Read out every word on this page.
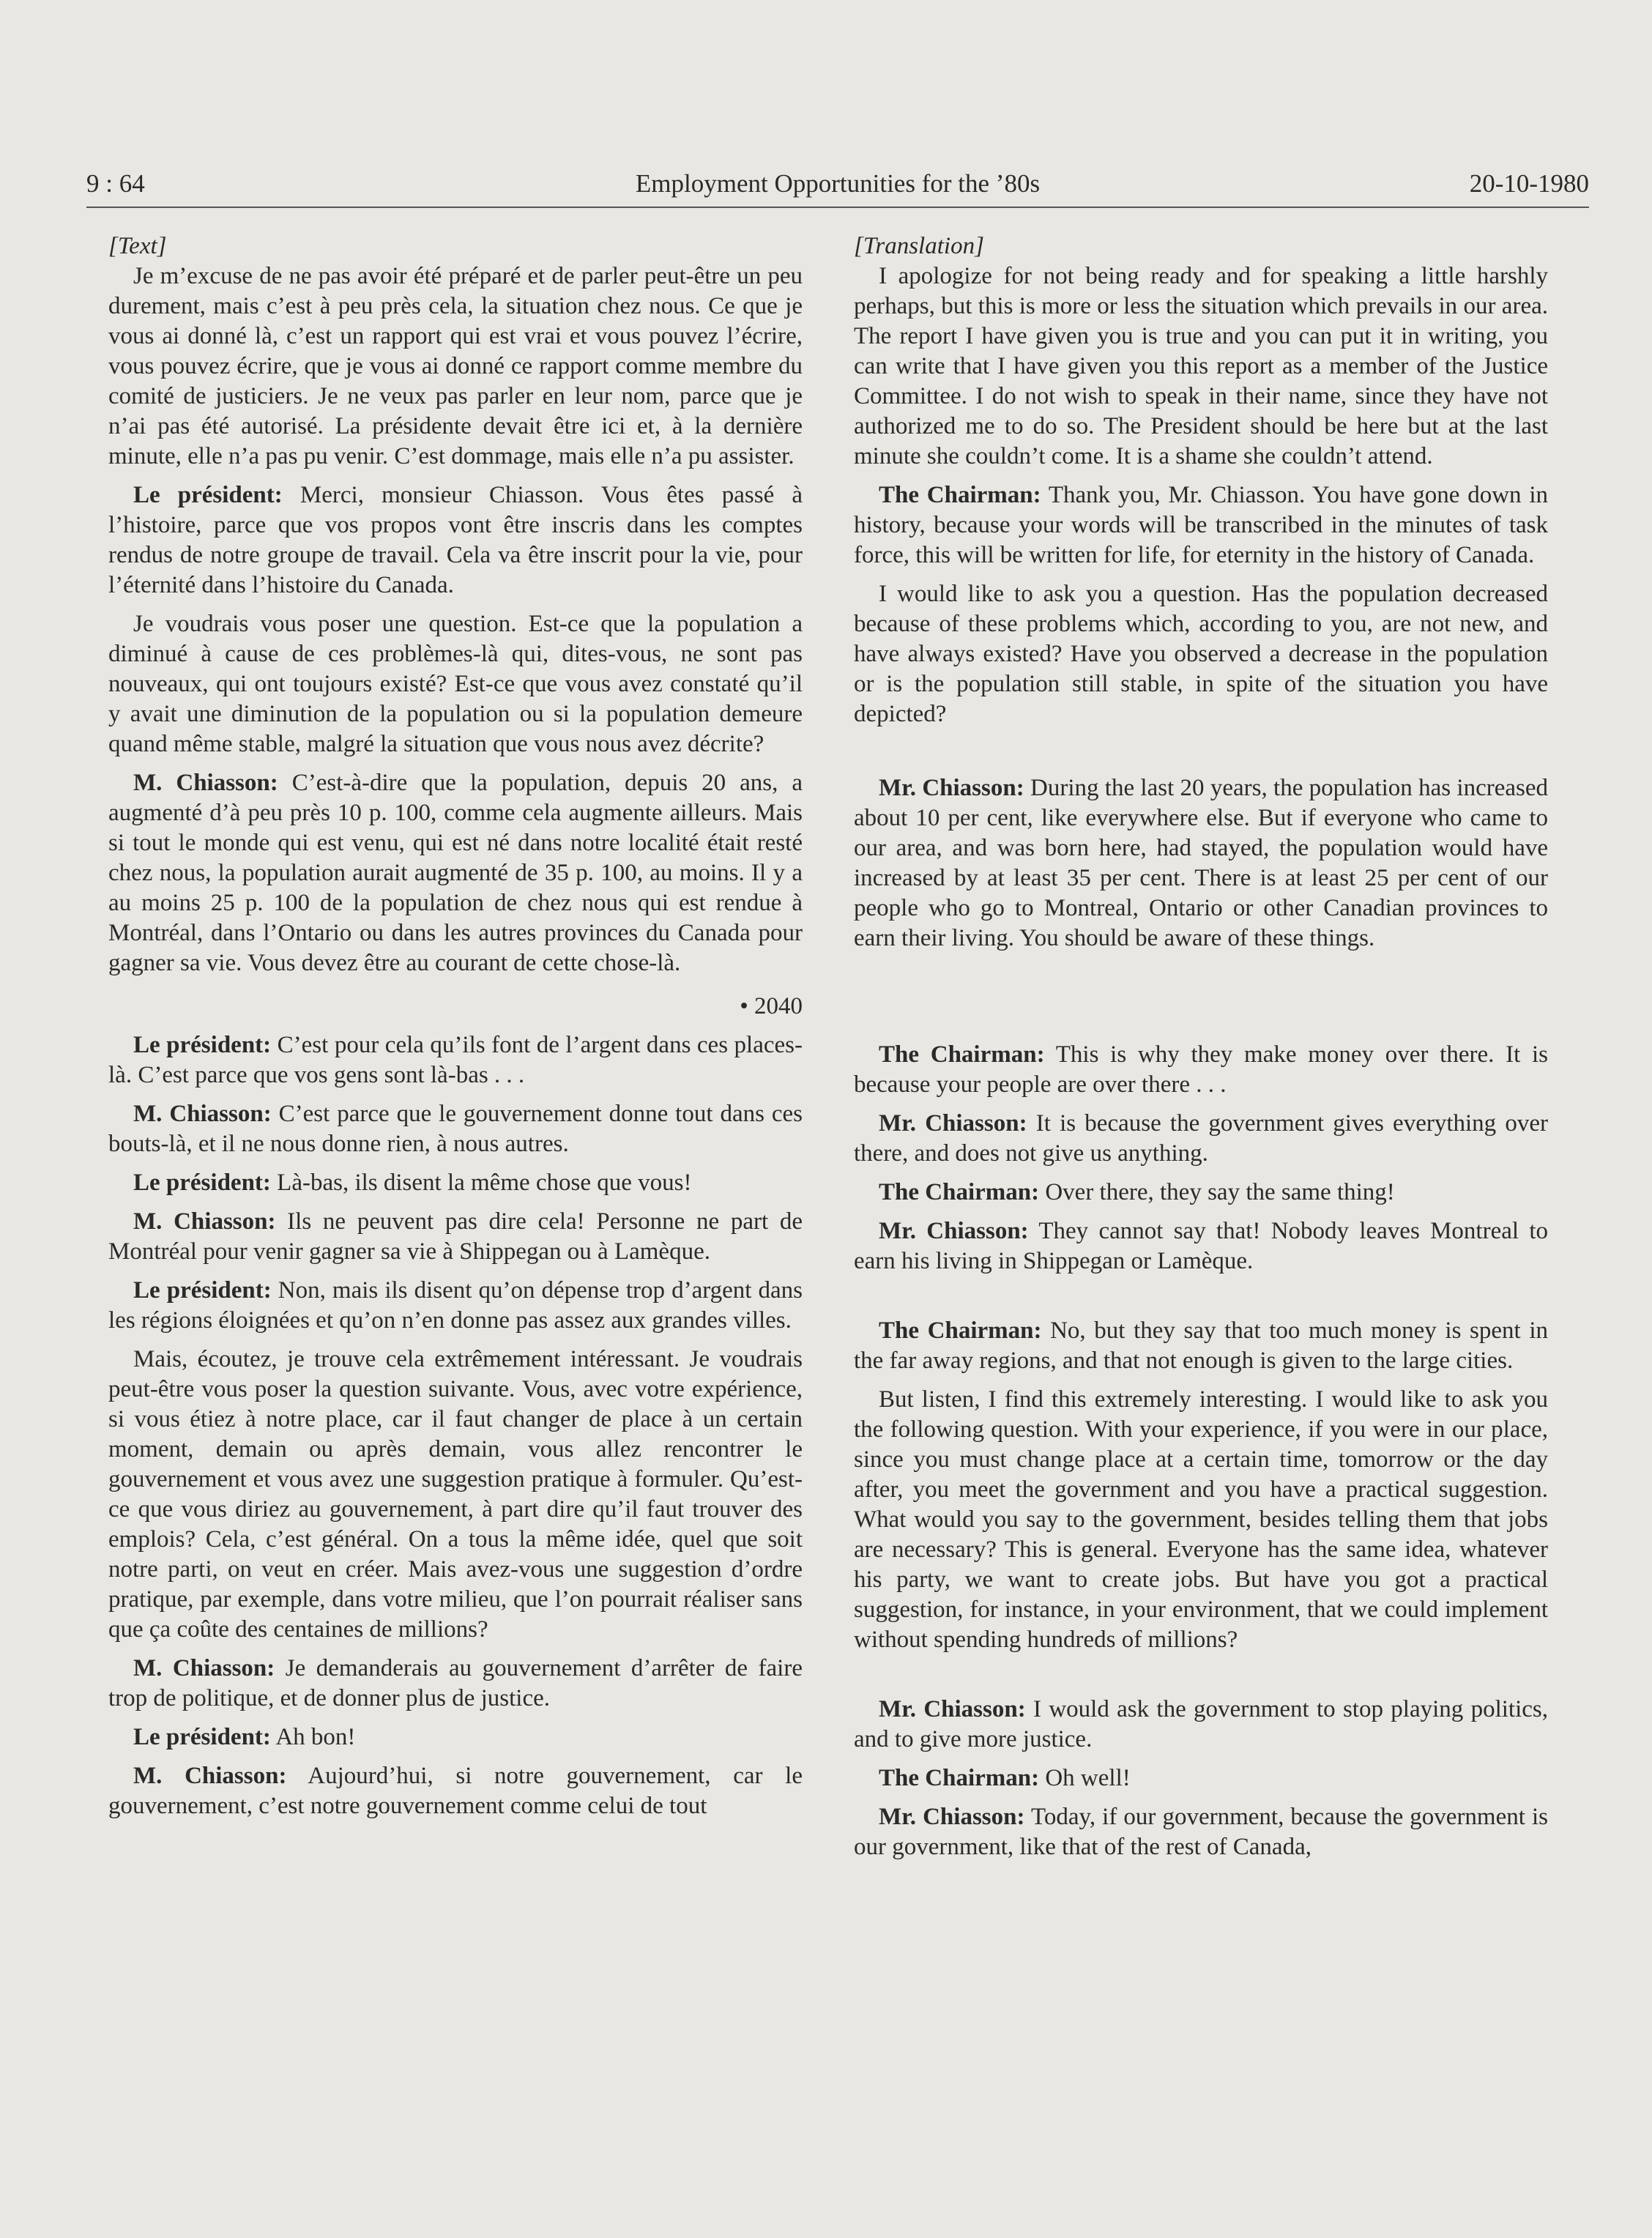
9 : 64	Employment Opportunities for the ’80s	20-10-1980

[Text]

Je m’excuse de ne pas avoir été préparé et de parler peut-être un peu durement, mais c’est à peu près cela, la situation chez nous. Ce que je vous ai donné là, c’est un rapport qui est vrai et vous pouvez l’écrire, vous pouvez écrire, que je vous ai donné ce rapport comme membre du comité de justiciers. Je ne veux pas parler en leur nom, parce que je n’ai pas été autorisé. La présidente devait être ici et, à la dernière minute, elle n’a pas pu venir. C’est dommage, mais elle n’a pu assister.

Le président: Merci, monsieur Chiasson. Vous êtes passé à l’histoire, parce que vos propos vont être inscris dans les comptes rendus de notre groupe de travail. Cela va être inscrit pour la vie, pour l’éternité dans l’histoire du Canada.

Je voudrais vous poser une question. Est-ce que la population a diminué à cause de ces problèmes-là qui, dites-vous, ne sont pas nouveaux, qui ont toujours existé? Est-ce que vous avez constaté qu’il y avait une diminution de la population ou si la population demeure quand même stable, malgré la situation que vous nous avez décrite?

M. Chiasson: C’est-à-dire que la population, depuis 20 ans, a augmenté d’à peu près 10 p. 100, comme cela augmente ailleurs. Mais si tout le monde qui est venu, qui est né dans notre localité était resté chez nous, la population aurait augmenté de 35 p. 100, au moins. Il y a au moins 25 p. 100 de la population de chez nous qui est rendue à Montréal, dans l’Ontario ou dans les autres provinces du Canada pour gagner sa vie. Vous devez être au courant de cette chose-là.

• 2040

Le président: C’est pour cela qu’ils font de l’argent dans ces places-là. C’est parce que vos gens sont là-bas . . .

M. Chiasson: C’est parce que le gouvernement donne tout dans ces bouts-là, et il ne nous donne rien, à nous autres.

Le président: Là-bas, ils disent la même chose que vous!

M. Chiasson: Ils ne peuvent pas dire cela! Personne ne part de Montréal pour venir gagner sa vie à Shippegan ou à Lamèque.

Le président: Non, mais ils disent qu’on dépense trop d’argent dans les régions éloignées et qu’on n’en donne pas assez aux grandes villes.

Mais, écoutez, je trouve cela extrêmement intéressant. Je voudrais peut-être vous poser la question suivante. Vous, avec votre expérience, si vous étiez à notre place, car il faut changer de place à un certain moment, demain ou après demain, vous allez rencontrer le gouvernement et vous avez une suggestion pratique à formuler. Qu’est-ce que vous diriez au gouvernement, à part dire qu’il faut trouver des emplois? Cela, c’est général. On a tous la même idée, quel que soit notre parti, on veut en créer. Mais avez-vous une suggestion d’ordre pratique, par exemple, dans votre milieu, que l’on pourrait réaliser sans que ça coûte des centaines de millions?

M. Chiasson: Je demanderais au gouvernement d’arrêter de faire trop de politique, et de donner plus de justice.

Le président: Ah bon!

M. Chiasson: Aujourd’hui, si notre gouvernement, car le gouvernement, c’est notre gouvernement comme celui de tout

[Translation]

I apologize for not being ready and for speaking a little harshly perhaps, but this is more or less the situation which prevails in our area. The report I have given you is true and you can put it in writing, you can write that I have given you this report as a member of the Justice Committee. I do not wish to speak in their name, since they have not authorized me to do so. The President should be here but at the last minute she couldn’t come. It is a shame she couldn’t attend.

The Chairman: Thank you, Mr. Chiasson. You have gone down in history, because your words will be transcribed in the minutes of task force, this will be written for life, for eternity in the history of Canada.

I would like to ask you a question. Has the population decreased because of these problems which, according to you, are not new, and have always existed? Have you observed a decrease in the population or is the population still stable, in spite of the situation you have depicted?

Mr. Chiasson: During the last 20 years, the population has increased about 10 per cent, like everywhere else. But if everyone who came to our area, and was born here, had stayed, the population would have increased by at least 35 per cent. There is at least 25 per cent of our people who go to Montreal, Ontario or other Canadian provinces to earn their living. You should be aware of these things.

The Chairman: This is why they make money over there. It is because your people are over there . . .

Mr. Chiasson: It is because the government gives everything over there, and does not give us anything.

The Chairman: Over there, they say the same thing!

Mr. Chiasson: They cannot say that! Nobody leaves Montreal to earn his living in Shippegan or Lamèque.

The Chairman: No, but they say that too much money is spent in the far away regions, and that not enough is given to the large cities.

But listen, I find this extremely interesting. I would like to ask you the following question. With your experience, if you were in our place, since you must change place at a certain time, tomorrow or the day after, you meet the government and you have a practical suggestion. What would you say to the government, besides telling them that jobs are necessary? This is general. Everyone has the same idea, whatever his party, we want to create jobs. But have you got a practical suggestion, for instance, in your environment, that we could implement without spending hundreds of millions?

Mr. Chiasson: I would ask the government to stop playing politics, and to give more justice.

The Chairman: Oh well!

Mr. Chiasson: Today, if our government, because the government is our government, like that of the rest of Canada,
